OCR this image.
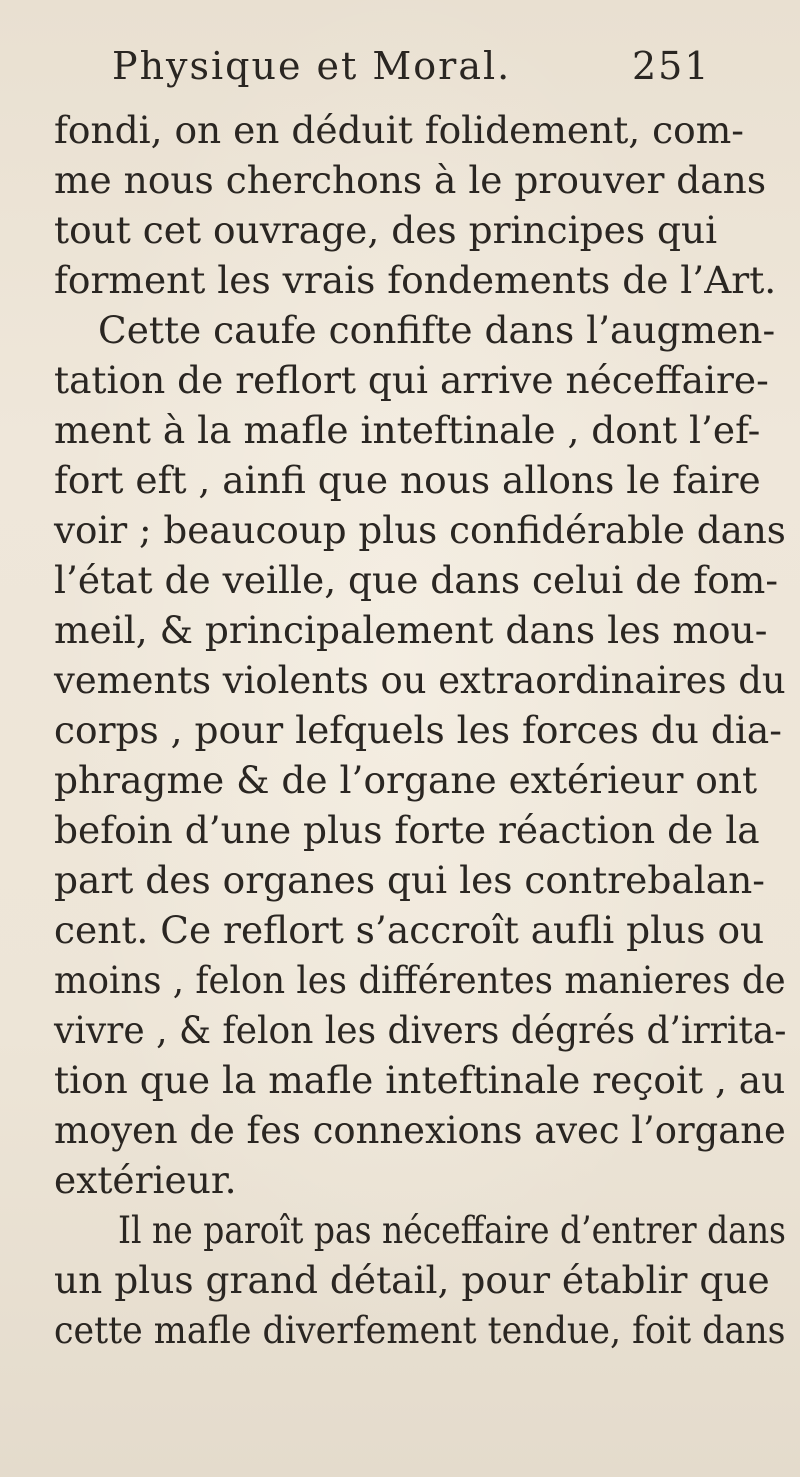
Physique et Moral.	251
fondi, on en déduit folidement, com-
me nous cherchons à le prouver dans
tout cet ouvrage, des principes qui
forment les vrais fondements de l’Art.
Cette caufe confifte dans l’augmen-
tation de reflort qui arrive néceffaire-
ment à la mafle inteftinale , dont l’ef-
fort eft , ainfi que nous allons le faire
voir ; beaucoup plus confidérable dans
l’état de veille, que dans celui de fom-
meil, & principalement dans les mou-
vements violents ou extraordinaires du
corps , pour lefquels les forces du dia-
phragme & de l’organe extérieur ont
befoin d’une plus forte réaction de la
part des organes qui les contrebalan-
cent. Ce reflort s’accroît aufli plus ou
moins , felon les différentes manieres de
vivre , & felon les divers dégrés d’irrita-
tion que la mafle inteftinale reçoit , au
moyen de fes connexions avec l’organe
extérieur.
Il ne paroît pas néceffaire d’entrer dans
un plus grand détail, pour établir que
cette mafle diverfement tendue, foit dans
